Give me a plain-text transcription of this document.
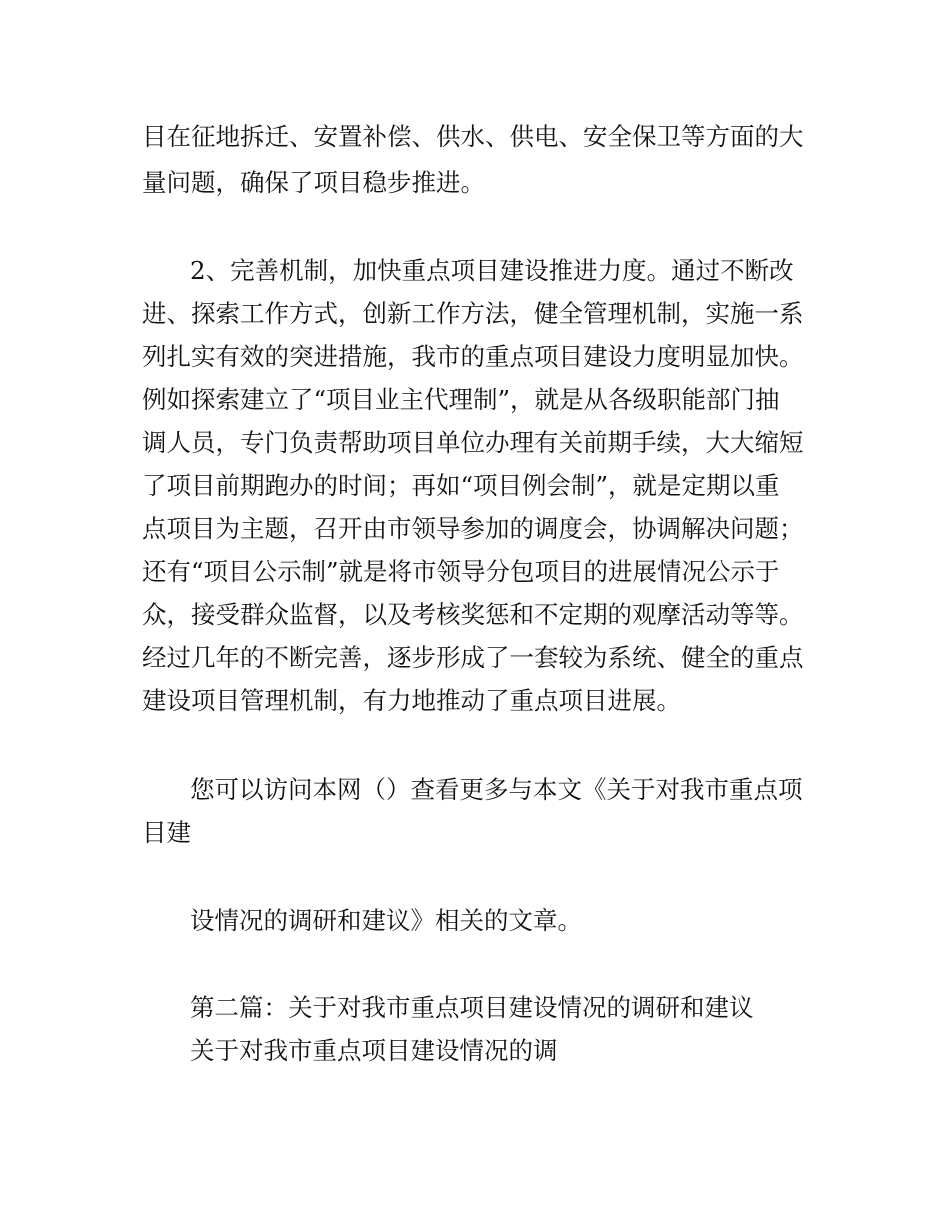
目在征地拆迁、安置补偿、供水、供电、安全保卫等方面的大
量问题，确保了项目稳步推进。
2、完善机制，加快重点项目建设推进力度。通过不断改
进、探索工作方式，创新工作方法，健全管理机制，实施一系
列扎实有效的突进措施，我市的重点项目建设力度明显加快。
例如探索建立了“项目业主代理制”，就是从各级职能部门抽
调人员，专门负责帮助项目单位办理有关前期手续，大大缩短
了项目前期跑办的时间；再如“项目例会制”，就是定期以重
点项目为主题，召开由市领导参加的调度会，协调解决问题；
还有“项目公示制”就是将市领导分包项目的进展情况公示于
众，接受群众监督，以及考核奖惩和不定期的观摩活动等等。
经过几年的不断完善，逐步形成了一套较为系统、健全的重点
建设项目管理机制，有力地推动了重点项目进展。
您可以访问本网（）查看更多与本文《关于对我市重点项
目建
设情况的调研和建议》相关的文章。
第二篇：关于对我市重点项目建设情况的调研和建议
关于对我市重点项目建设情况的调
